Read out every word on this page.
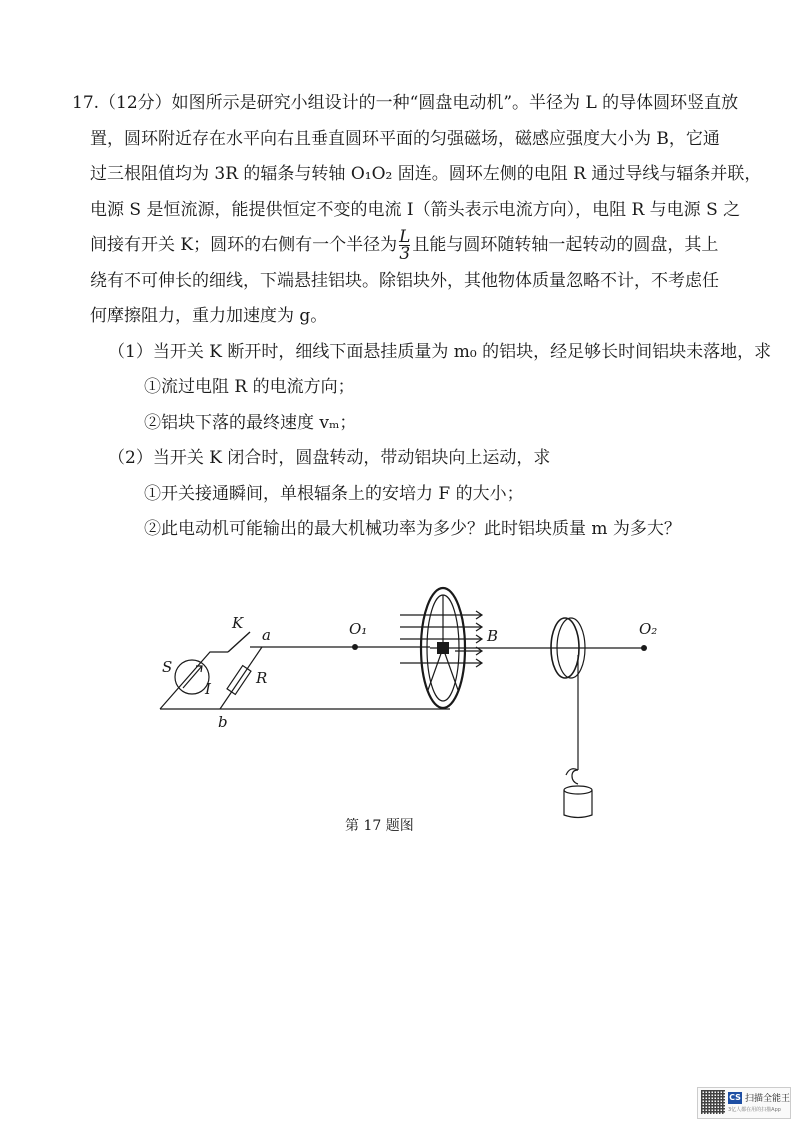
17.（12分）如图所示是研究小组设计的一种“圆盘电动机”。半径为 L 的导体圆环竖直放
置，圆环附近存在水平向右且垂直圆环平面的匀强磁场，磁感应强度大小为 B，它通
过三根阻值均为 3R 的辐条与转轴 O₁O₂ 固连。圆环左侧的电阻 R 通过导线与辐条并联，
电源 S 是恒流源，能提供恒定不变的电流 I（箭头表示电流方向），电阻 R 与电源 S 之
间接有开关 K；圆环的右侧有一个半径为 $\frac{L}{3}$ 且能与圆环随转轴一起转动的圆盘，其上
绕有不可伸长的细线，下端悬挂铝块。除铝块外，其他物体质量忽略不计，不考虑任
何摩擦阻力，重力加速度为 g。
（1）当开关 K 断开时，细线下面悬挂质量为 m₀ 的铝块，经足够长时间铝块未落地，求
①流过电阻 R 的电流方向；
②铝块下落的最终速度 vₘ；
（2）当开关 K 闭合时，圆盘转动，带动铝块向上运动，求
①开关接通瞬间，单根辐条上的安培力 F 的大小；
②此电动机可能输出的最大机械功率为多少？此时铝块质量 m 为多大？
K
a
S
I
R
b
O₁	B	O₂
第 17 题图
CS 扫描全能王
3亿人都在用的扫描App
